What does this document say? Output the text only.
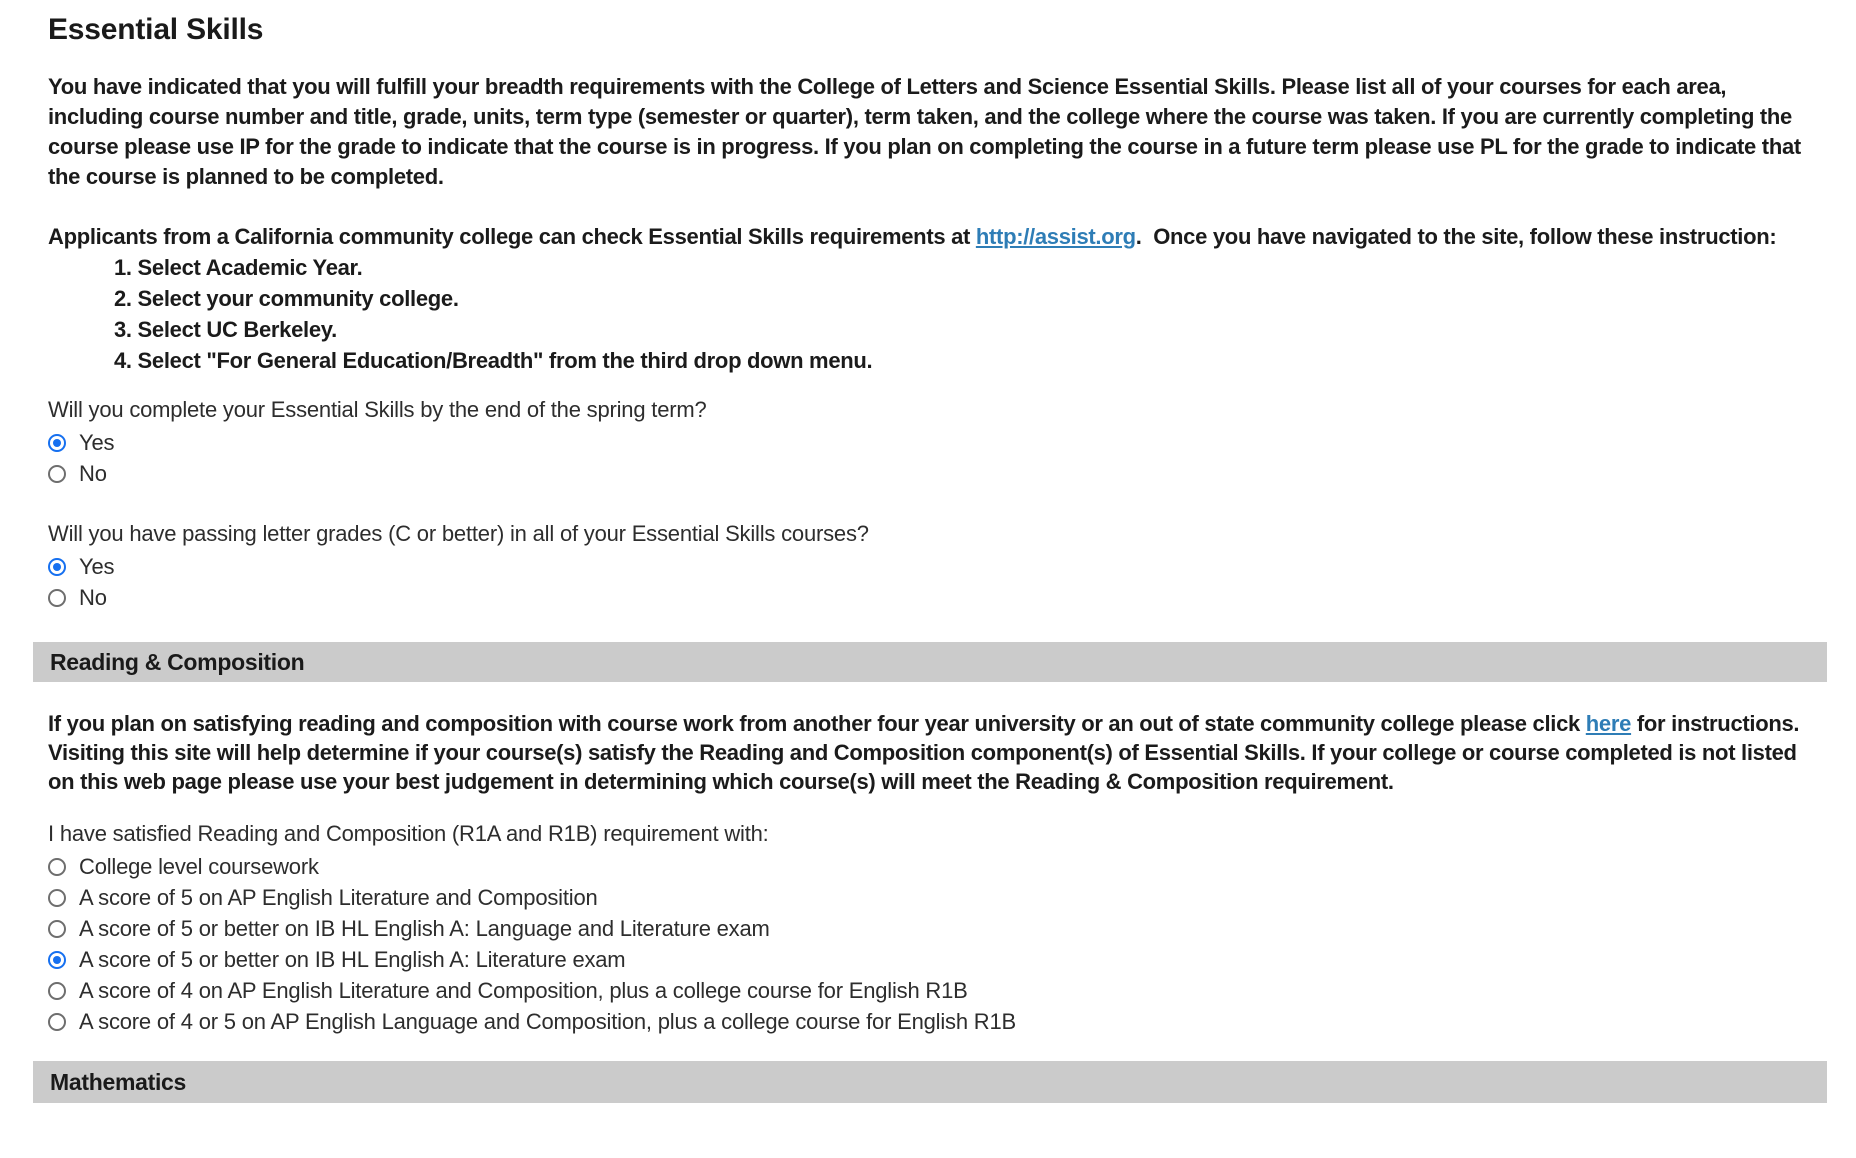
Essential Skills

You have indicated that you will fulfill your breadth requirements with the College of Letters and Science Essential Skills. Please list all of your courses for each area, including course number and title, grade, units, term type (semester or quarter), term taken, and the college where the course was taken. If you are currently completing the course please use IP for the grade to indicate that the course is in progress. If you plan on completing the course in a future term please use PL for the grade to indicate that the course is planned to be completed.

Applicants from a California community college can check Essential Skills requirements at http://assist.org.  Once you have navigated to the site, follow these instruction:

1. Select Academic Year.
2. Select your community college.
3. Select UC Berkeley.
4. Select "For General Education/Breadth" from the third drop down menu.
Will you complete your Essential Skills by the end of the spring term?
Yes
No
Will you have passing letter grades (C or better) in all of your Essential Skills courses?
Yes
No
Reading & Composition

If you plan on satisfying reading and composition with course work from another four year university or an out of state community college please click here for instructions. Visiting this site will help determine if your course(s) satisfy the Reading and Composition component(s) of Essential Skills. If your college or course completed is not listed on this web page please use your best judgement in determining which course(s) will meet the Reading & Composition requirement.

I have satisfied Reading and Composition (R1A and R1B) requirement with:
College level coursework
A score of 5 on AP English Literature and Composition
A score of 5 or better on IB HL English A: Language and Literature exam
A score of 5 or better on IB HL English A: Literature exam
A score of 4 on AP English Literature and Composition, plus a college course for English R1B
A score of 4 or 5 on AP English Language and Composition, plus a college course for English R1B
Mathematics
